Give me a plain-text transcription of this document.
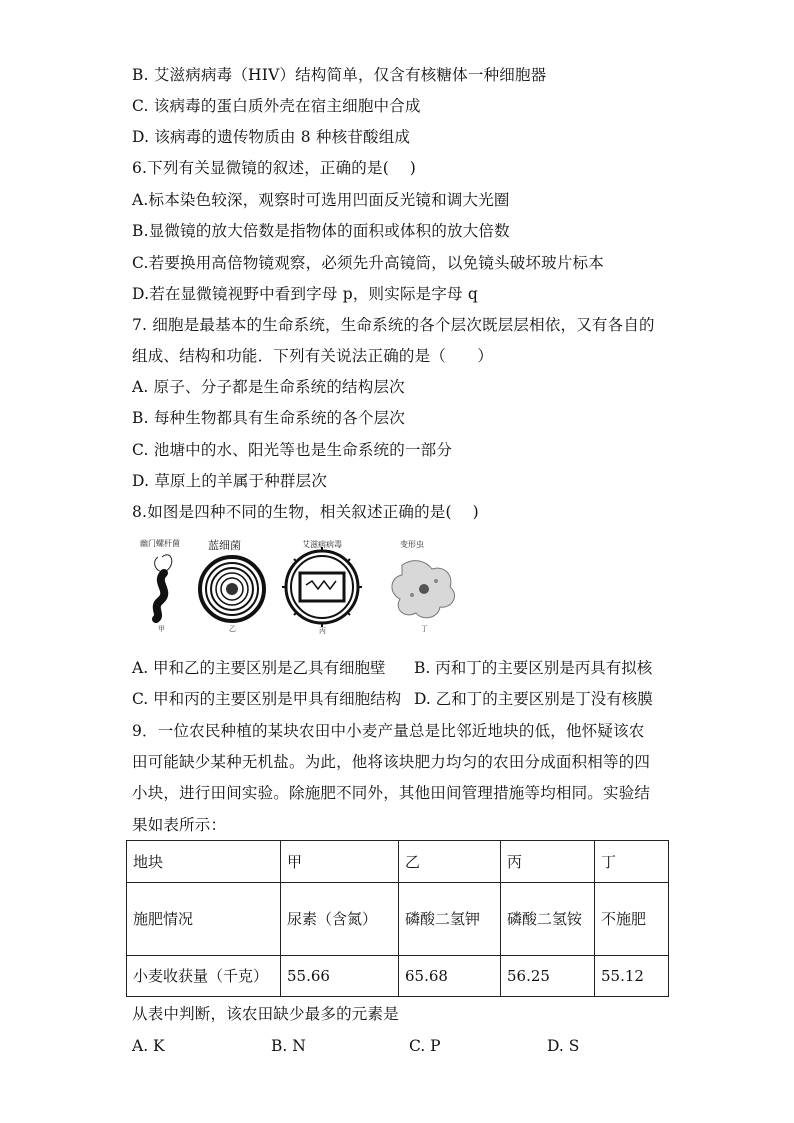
B. 艾滋病病毒（HIV）结构简单，仅含有核糖体一种细胞器
C. 该病毒的蛋白质外壳在宿主细胞中合成
D. 该病毒的遗传物质由 8 种核苷酸组成
6.下列有关显微镜的叙述，正确的是(　 )
A.标本染色较深，观察时可选用凹面反光镜和调大光圈
B.显微镜的放大倍数是指物体的面积或体积的放大倍数
C.若要换用高倍物镜观察，必须先升高镜筒，以免镜头破坏玻片标本
D.若在显微镜视野中看到字母 p，则实际是字母 q
7. 细胞是最基本的生命系统，生命系统的各个层次既层层相依，又有各自的
组成、结构和功能．下列有关说法正确的是（　　）
A. 原子、分子都是生命系统的结构层次
B. 每种生物都具有生命系统的各个层次
C. 池塘中的水、阳光等也是生命系统的一部分
D. 草原上的羊属于种群层次
8.如图是四种不同的生物，相关叙述正确的是(　 )
幽门螺杆菌
甲
蓝细菌
乙
艾滋病病毒
丙
变形虫
丁
A. 甲和乙的主要区别是乙具有细胞壁 B. 丙和丁的主要区别是丙具有拟核
C. 甲和丙的主要区别是甲具有细胞结构 D. 乙和丁的主要区别是丁没有核膜
9．一位农民种植的某块农田中小麦产量总是比邻近地块的低，他怀疑该农
田可能缺少某种无机盐。为此，他将该块肥力均匀的农田分成面积相等的四
小块，进行田间实验。除施肥不同外，其他田间管理措施等均相同。实验结
果如表所示：
地块	甲	乙	丙	丁
施肥情况	尿素（含氮）	磷酸二氢钾	磷酸二氢铵	不施肥
小麦收获量（千克）	55.66	65.68	56.25	55.12
从表中判断，该农田缺少最多的元素是
A. K	B. N	C. P	D. S
